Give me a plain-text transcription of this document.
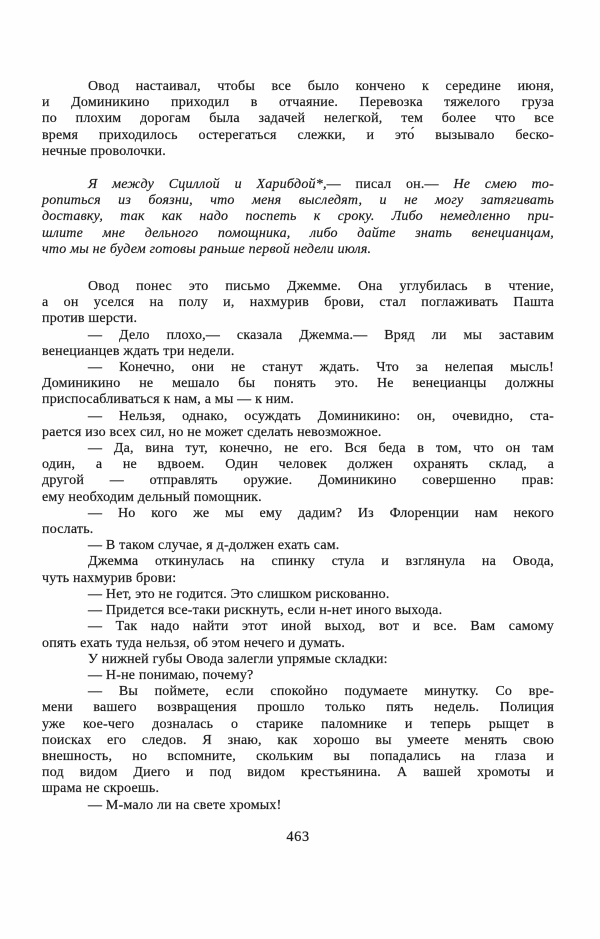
Овод настаивал, чтобы все было кончено к середине июня,
и Доминикино приходил в отчаяние. Перевозка тяжелого груза
по плохим дорогам была задачей нелегкой, тем более что все
время приходилось остерегаться слежки, и это́ вызывало беско-
нечные проволочки.
Я между Сциллой и Харибдой*,— писал он.— Не смею то-
ропиться из боязни, что меня выследят, и не могу затягивать
доставку, так как надо поспеть к сроку. Либо немедленно при-
шлите мне дельного помощника, либо дайте знать венецианцам,
что мы не будем готовы раньше первой недели июля.
Овод понес это письмо Джемме. Она углубилась в чтение,
а он уселся на полу и, нахмурив брови, стал поглаживать Пашта
против шерсти.
— Дело плохо,— сказала Джемма.— Вряд ли мы заставим
венецианцев ждать три недели.
— Конечно, они не станут ждать. Что за нелепая мысль!
Доминикино не мешало бы понять это. Не венецианцы должны
приспосабливаться к нам, а мы — к ним.
— Нельзя, однако, осуждать Доминикино: он, очевидно, ста-
рается изо всех сил, но не может сделать невозможное.
— Да, вина тут, конечно, не его. Вся беда в том, что он там
один, а не вдвоем. Один человек должен охранять склад, а
другой — отправлять оружие. Доминикино совершенно прав:
ему необходим дельный помощник.
— Но кого же мы ему дадим? Из Флоренции нам некого
послать.
— В таком случае, я д-должен ехать сам.
Джемма откинулась на спинку стула и взглянула на Овода,
чуть нахмурив брови:
— Нет, это не годится. Это слишком рискованно.
— Придется все-таки рискнуть, если н-нет иного выхода.
— Так надо найти этот иной выход, вот и все. Вам самому
опять ехать туда нельзя, об этом нечего и думать.
У нижней губы Овода залегли упрямые складки:
— Н-не понимаю, почему?
— Вы поймете, если спокойно подумаете минутку. Со вре-
мени вашего возвращения прошло только пять недель. Полиция
уже кое-чего дозналась о старике паломнике и теперь рыщет в
поисках его следов. Я знаю, как хорошо вы умеете менять свою
внешность, но вспомните, скольким вы попадались на глаза и
под видом Диего и под видом крестьянина. А вашей хромоты и
шрама не скроешь.
— М-мало ли на свете хромых!
463
